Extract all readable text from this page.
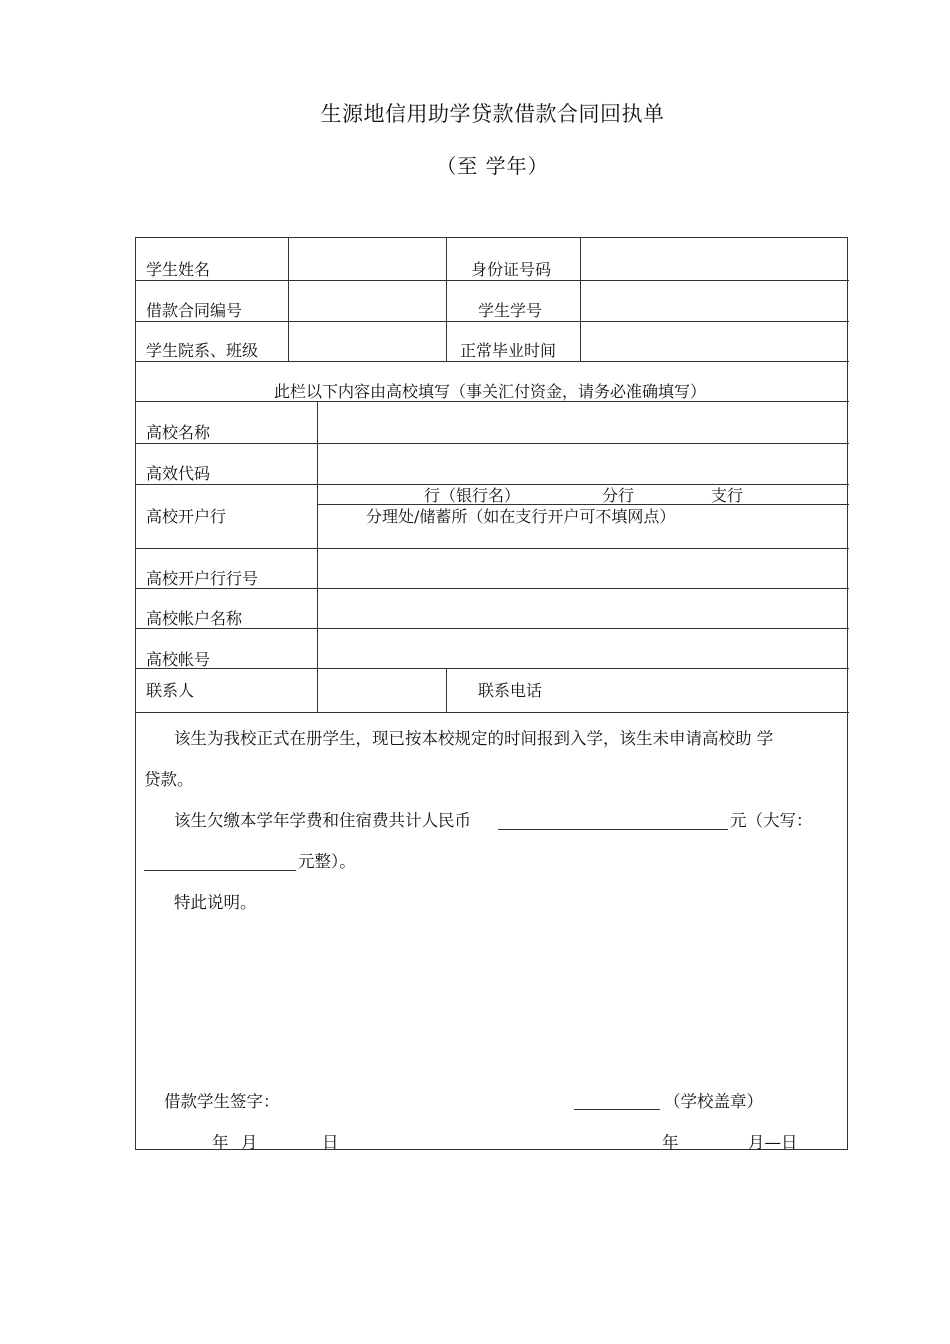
生源地信用助学贷款借款合同回执单
（至 学年）
学生姓名	身份证号码
借款合同编号	学生学号
学生院系、班级	正常毕业时间
此栏以下内容由高校填写（事关汇付资金，请务必准确填写）
高校名称
高效代码
高校开户行
行（银行名）	分行	支行
分理处/储蓄所（如在支行开户可不填网点）
高校开户行行号
高校帐户名称
高校帐号
联系人	联系电话
该生为我校正式在册学生，现已按本校规定的时间报到入学，该生未申请高校助 学
贷款。
该生欠缴本学年学费和住宿费共计人民币	元（大写：
元整）。
特此说明。
借款学生签字：	（学校盖章）
年 月	日	年	月—日
